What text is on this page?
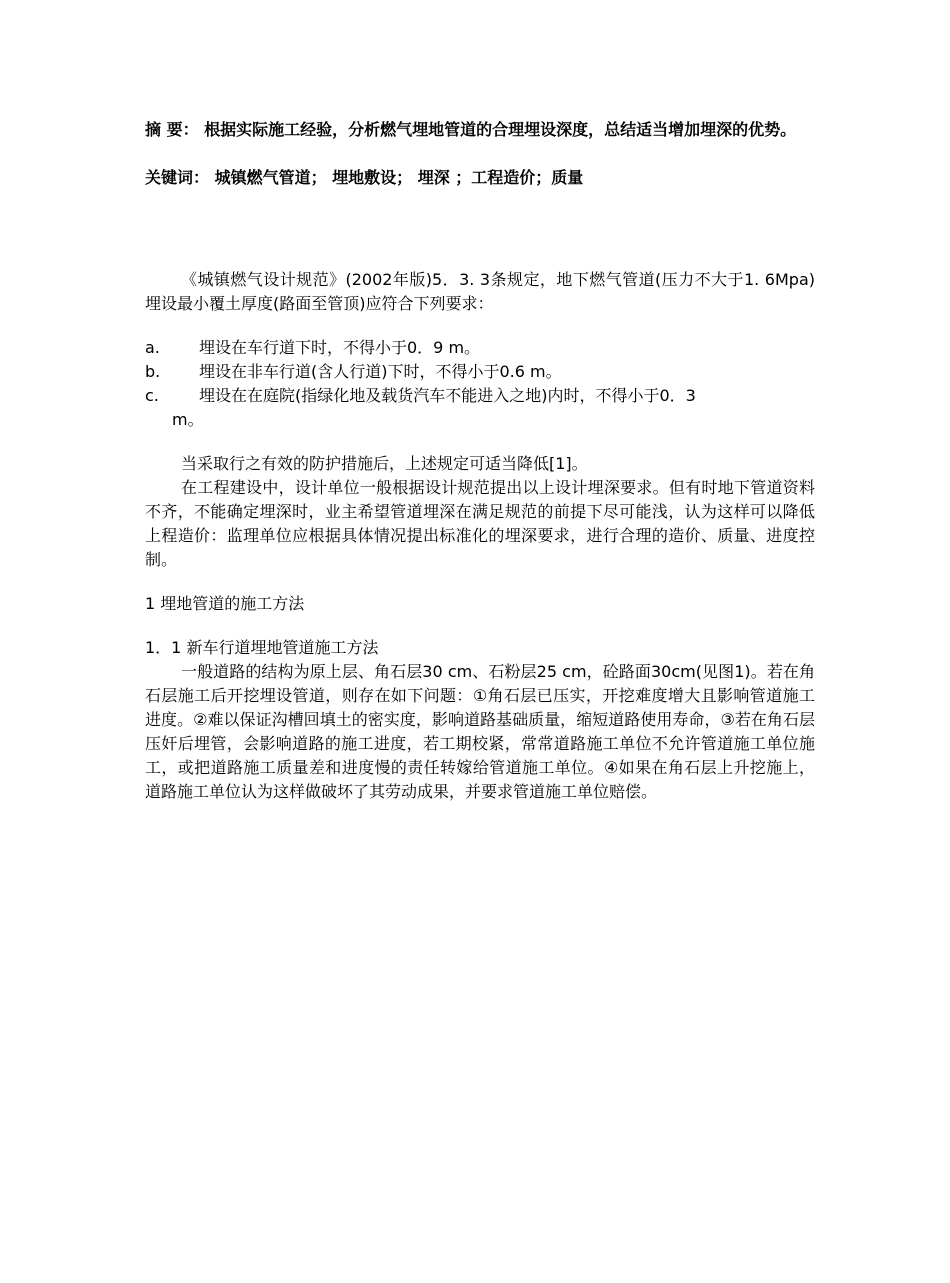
摘 要： 根据实际施工经验，分析燃气埋地管道的合理埋设深度，总结适当增加埋深的优势。

关键词： 城镇燃气管道； 埋地敷设； 埋深 ；工程造价；质量

《城镇燃气设计规范》(2002年版)5．3. 3条规定，地下燃气管道(压力不大于1. 6Mpa)埋设最小覆土厚度(路面至管顶)应符合下列要求：

a. 埋设在车行道下时，不得小于0．9 m。
b. 埋设在非车行道(含人行道)下时，不得小于0.6 m。
c.	埋设在在庭院(指绿化地及载货汽车不能进入之地)内时，不得小于0．3
m。

当采取行之有效的防护措施后，上述规定可适当降低[1]。

在工程建设中，设计单位一般根据设计规范提出以上设计埋深要求。但有时地下管道资料不齐，不能确定埋深时，业主希望管道埋深在满足规范的前提下尽可能浅，认为这样可以降低上程造价：监理单位应根据具体情况提出标准化的埋深要求，进行合理的造价、质量、进度控制。

1 埋地管道的施工方法

1．1 新车行道埋地管道施工方法

一般道路的结构为原上层、角石层30 cm、石粉层25 cm，砼路面30cm(见图1)。若在角石层施工后开挖埋设管道，则存在如下问题：①角石层已压实，开挖难度增大且影响管道施工进度。②难以保证沟槽回填土的密实度，影响道路基础质量，缩短道路使用寿命，③若在角石层压奸后埋管，会影响道路的施工进度，若工期校紧，常常道路施工单位不允许管道施工单位施工，或把道路施工质量差和进度慢的责任转嫁给管道施工单位。④如果在角石层上升挖施上，道路施工单位认为这样做破坏了其劳动成果，并要求管道施工单位赔偿。
